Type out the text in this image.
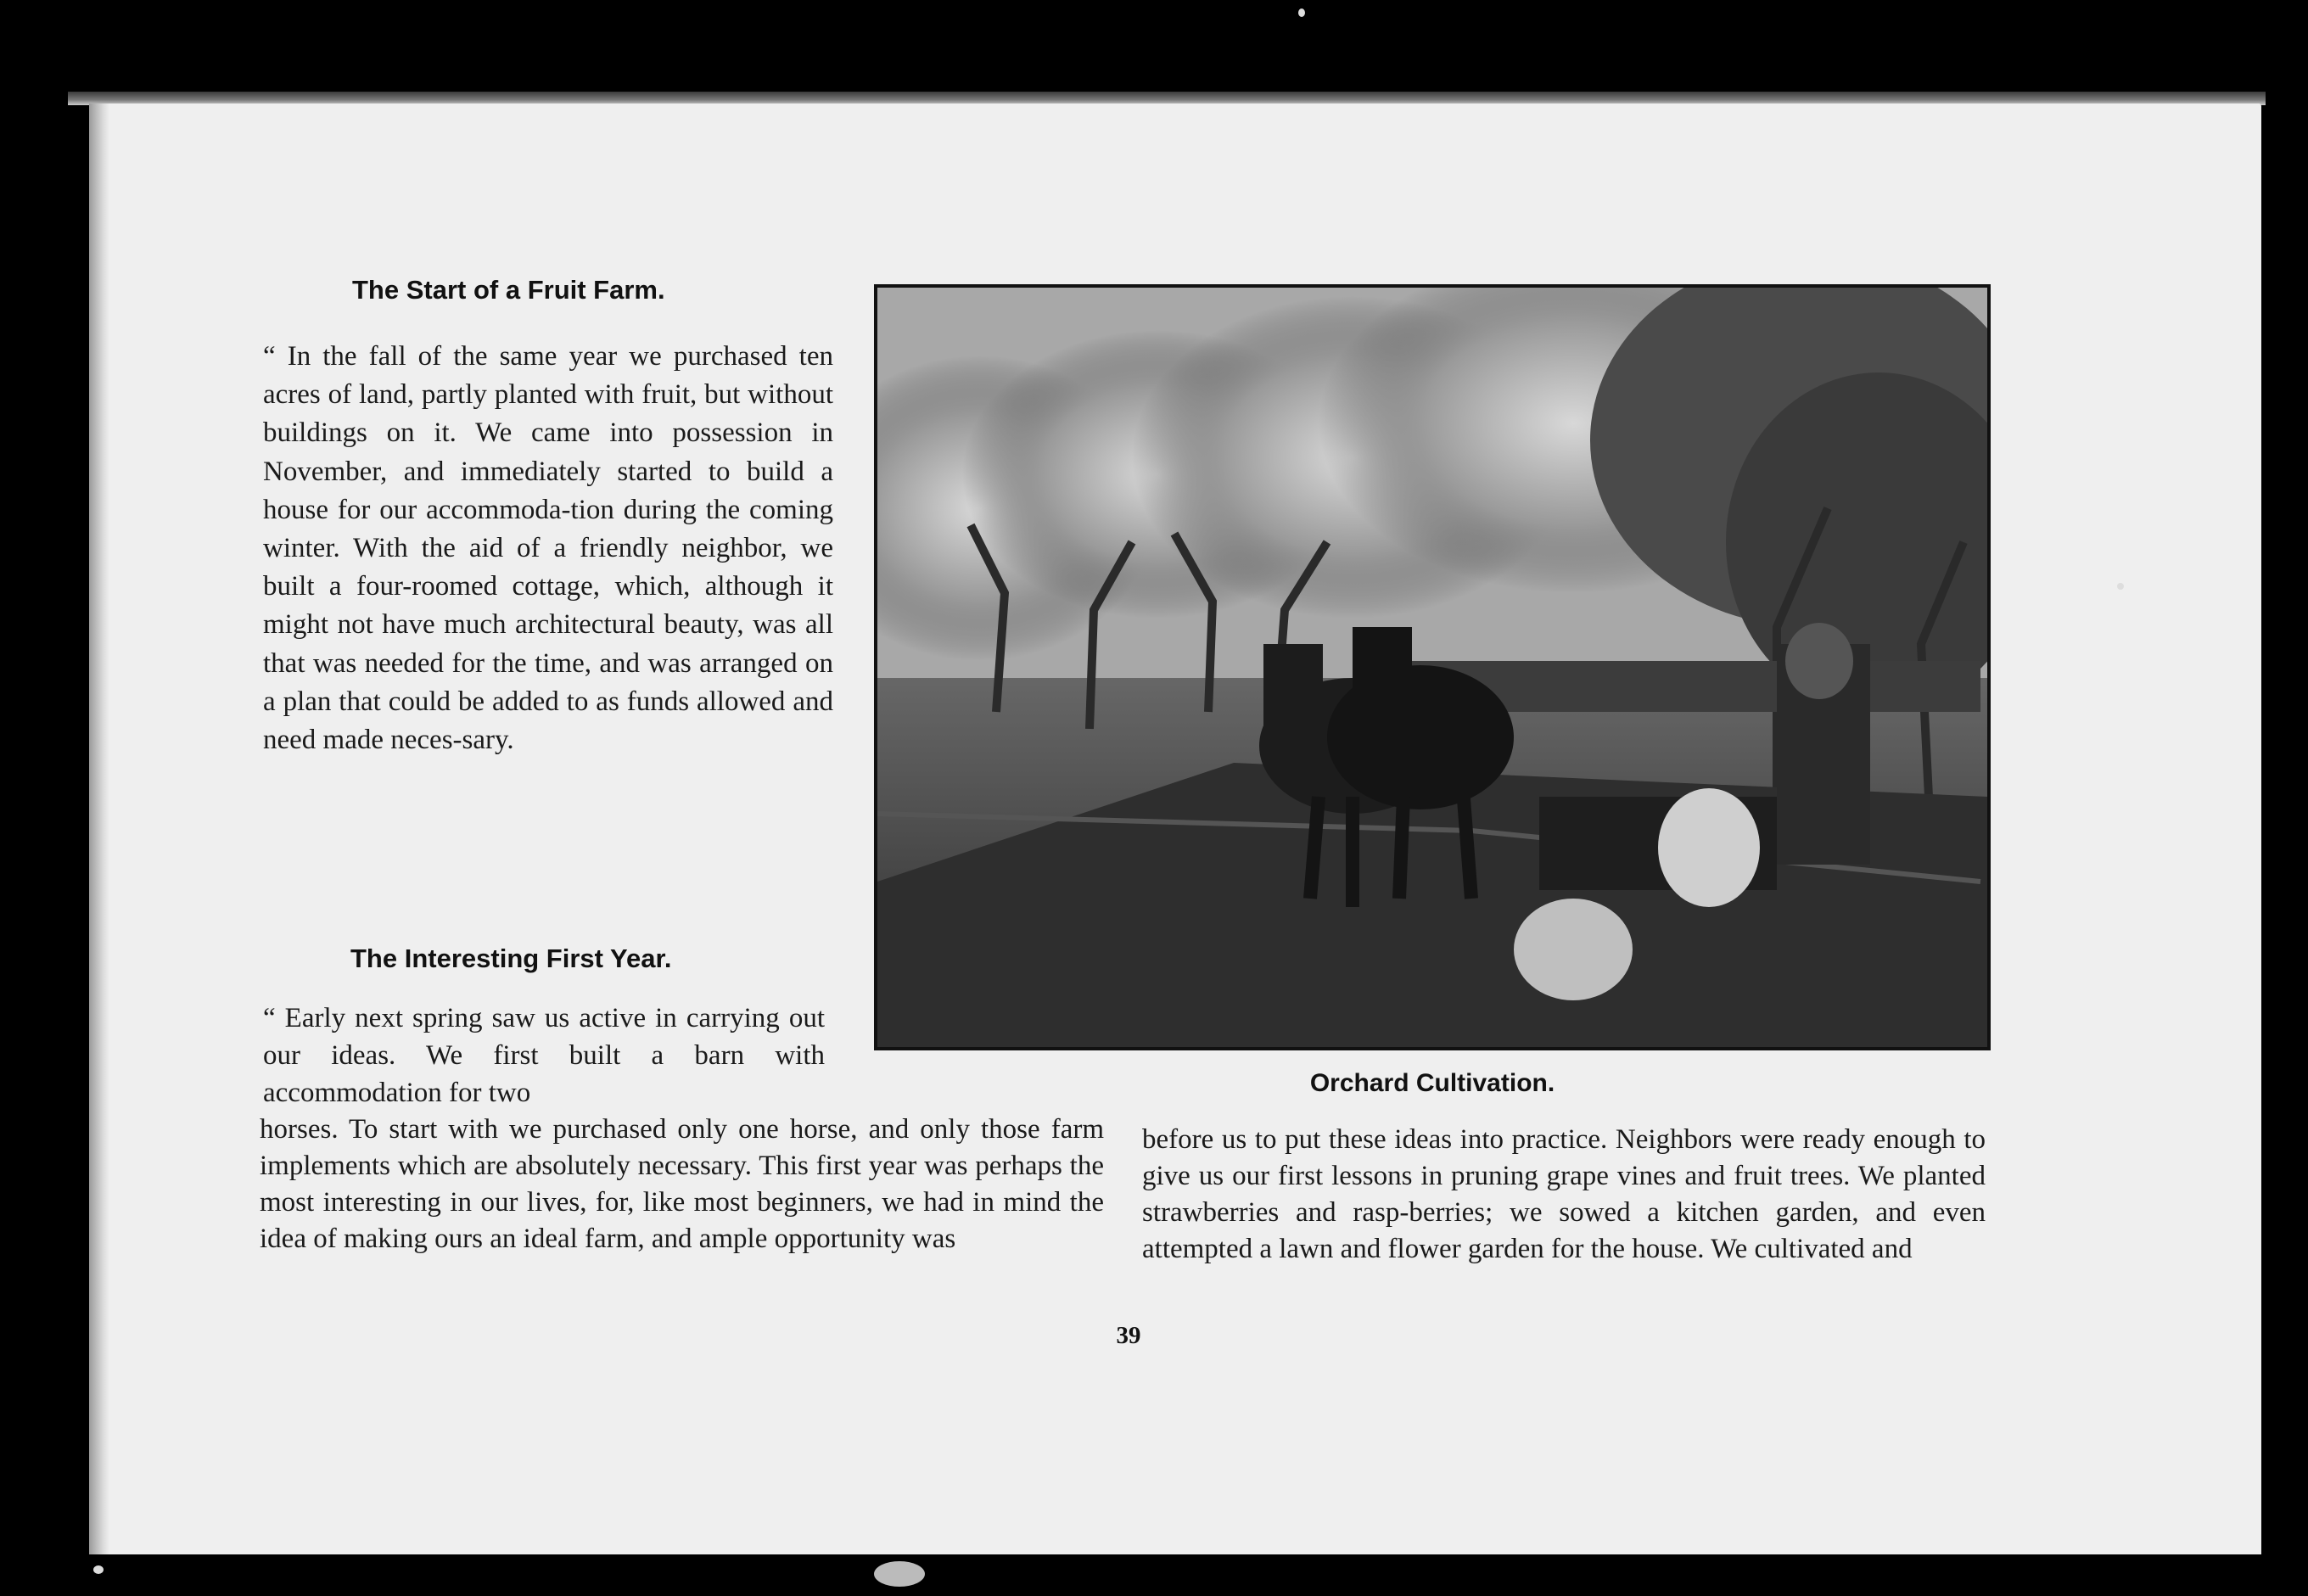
The Start of a Fruit Farm.
“ In the fall of the same year we purchased ten acres of land, partly planted with fruit, but without buildings on it. We came into possession in November, and immediately started to build a house for our accommoda-tion during the coming winter. With the aid of a friendly neighbor, we built a four-roomed cottage, which, although it might not have much architectural beauty, was all that was needed for the time, and was arranged on a plan that could be added to as funds allowed and need made neces-sary.
The Interesting First Year.
“ Early next spring saw us active in carrying out our ideas. We first built a barn with accommodation for two
horses. To start with we purchased only one horse, and only those farm implements which are absolutely necessary. This first year was perhaps the most interesting in our lives, for, like most beginners, we had in mind the idea of making ours an ideal farm, and ample opportunity was
before us to put these ideas into practice. Neighbors were ready enough to give us our first lessons in pruning grape vines and fruit trees. We planted strawberries and rasp-berries; we sowed a kitchen garden, and even attempted a lawn and flower garden for the house. We cultivated and
Orchard Cultivation.
39
